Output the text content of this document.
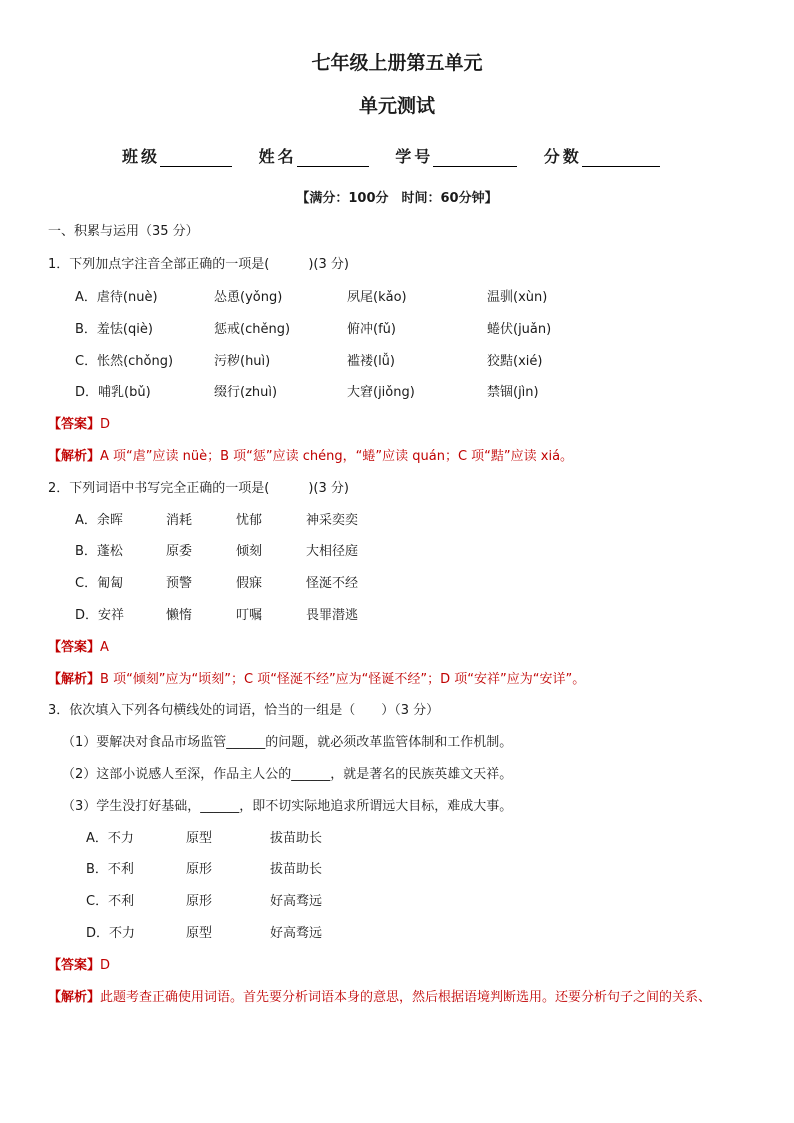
七年级上册第五单元
单元测试
班级	姓名	学号	分数
【满分：100分　时间：60分钟】
一、积累与运用（35 分）
1．下列加点字注音全部正确的一项是(　　　)(3 分)
A．虐待(nuè)	怂恿(yǒng)	夙尾(kǎo)	温驯(xùn)
B．羞怯(qiè)	惩戒(chěng)	俯冲(fǔ)	蜷伏(juǎn)
C．怅然(chǒng)	污秽(huì)	褴褛(lǚ)	狡黠(xié)
D．哺乳(bǔ)	缀行(zhuì)	大窘(jiǒng)	禁锢(jìn)
【答案】D
【解析】A 项“虐”应读 nüè；B 项“惩”应读 chéng，“蜷”应读 quán；C 项“黠”应读 xiá。
2．下列词语中书写完全正确的一项是(　　　)(3 分)
A．余晖	消耗	忧郁	神采奕奕
B．蓬松	原委	倾刻	大相径庭
C．匍匐	预警	假寐	怪涎不经
D．安祥	懒惰	叮嘱	畏罪潜逃
【答案】A
【解析】B 项“倾刻”应为“顷刻”；C 项“怪涎不经”应为“怪诞不经”；D 项“安祥”应为“安详”。
3．依次填入下列各句横线处的词语，恰当的一组是（　　）（3 分）
（1）要解决对食品市场监管______的问题，就必须改革监管体制和工作机制。
（2）这部小说感人至深，作品主人公的______，就是著名的民族英雄文天祥。
（3）学生没打好基础，______，即不切实际地追求所谓远大目标，难成大事。
A．不力	原型	拔苗助长
B．不利	原形	拔苗助长
C．不利	原形	好高骛远
D．不力	原型	好高骛远
【答案】D
【解析】此题考查正确使用词语。首先要分析词语本身的意思，然后根据语境判断选用。还要分析句子之间的关系、
